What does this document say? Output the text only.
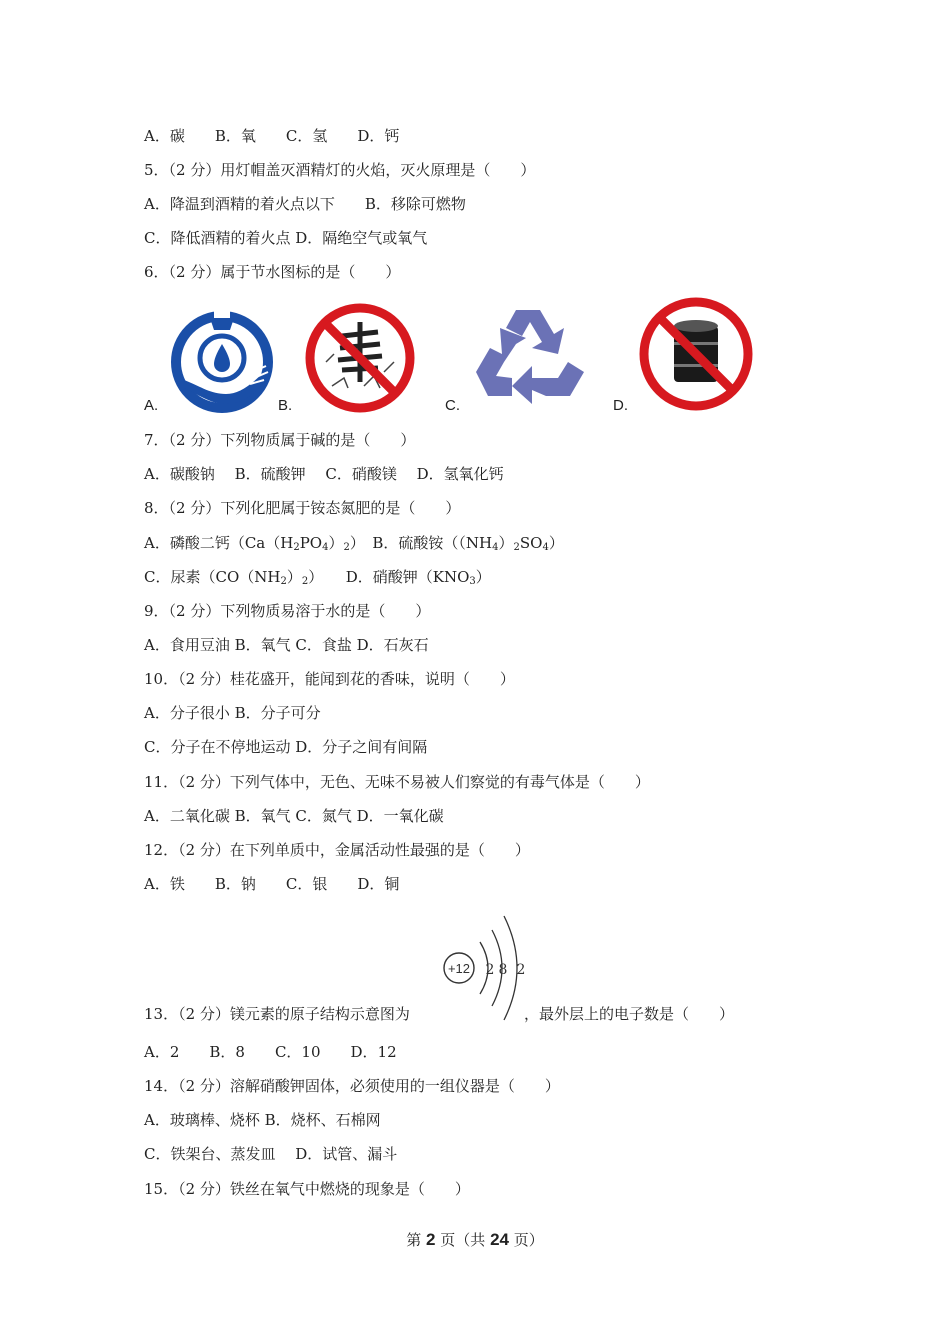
A．碳　　B．氧　　C．氢　　D．钙
5．（2 分）用灯帽盖灭酒精灯的火焰，灭火原理是（　　）
A．降温到酒精的着火点以下　　B．移除可燃物
C．降低酒精的着火点 D．隔绝空气或氧气
6．（2 分）属于节水图标的是（　　）
A.	B.	C.	D.
7．（2 分）下列物质属于碱的是（　　）
A．碳酸钠　 B．硫酸钾　 C．硝酸镁　 D．氢氧化钙
8．（2 分）下列化肥属于铵态氮肥的是（　　）
A．磷酸二钙$(Ca(H_2PO_4)_2)$　B．硫酸铵$((NH_4)_2SO_4)$
C．尿素$(CO(NH_2)_2)$　　D．硝酸钾$(KNO_3)$
9．（2 分）下列物质易溶于水的是（　　）
A．食用豆油 B．氧气 C．食盐 D．石灰石
10．（2 分）桂花盛开，能闻到花的香味，说明（　　）
A．分子很小 B．分子可分
C．分子在不停地运动 D．分子之间有间隔
11．（2 分）下列气体中，无色、无味不易被人们察觉的有毒气体是（　　）
A．二氧化碳 B．氧气 C．氮气 D．一氧化碳
12．（2 分）在下列单质中，金属活动性最强的是（　　）
A．铁　　B．钠　　C．银　　D．铜
+12 2 8 2
13．（2 分）镁元素的原子结构示意图为	，最外层上的电子数是（　　）
A．2　　B．8　　C．10　　D．12
14．（2 分）溶解硝酸钾固体，必须使用的一组仪器是（　　）
A．玻璃棒、烧杯 B．烧杯、石棉网
C．铁架台、蒸发皿　 D．试管、漏斗
15．（2 分）铁丝在氧气中燃烧的现象是（　　）
第 2 页（共 24 页）
